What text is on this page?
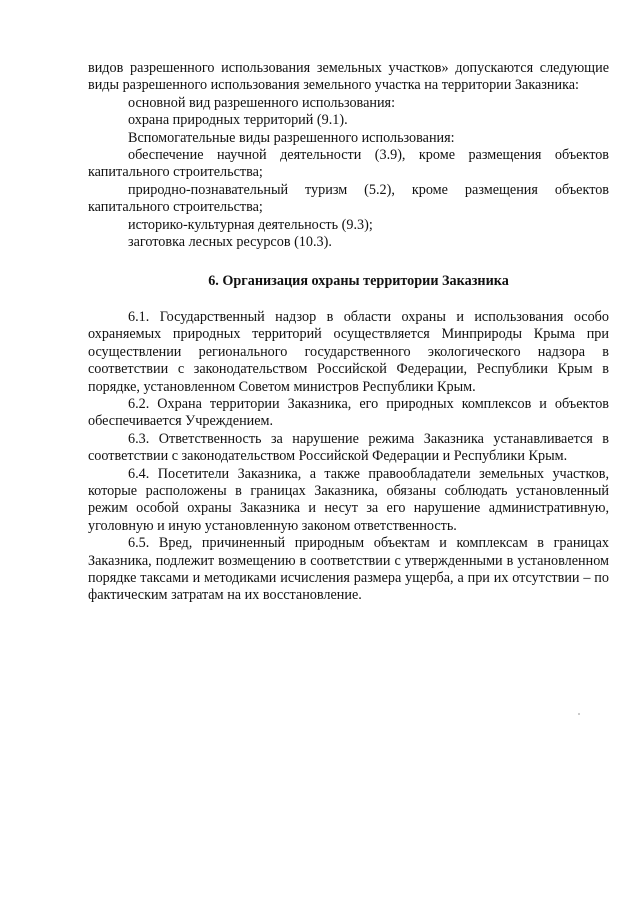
видов разрешенного использования земельных участков» допускаются следующие виды разрешенного использования земельного участка на территории Заказника:

основной вид разрешенного использования:

охрана природных территорий (9.1).

Вспомогательные виды разрешенного использования:

обеспечение научной деятельности (3.9), кроме размещения объектов капитального строительства;

природно-познавательный туризм (5.2), кроме размещения объектов капитального строительства;

историко-культурная деятельность (9.3);

заготовка лесных ресурсов (10.3).

6. Организация охраны территории Заказника

6.1. Государственный надзор в области охраны и использования особо охраняемых природных территорий осуществляется Минприроды Крыма при осуществлении регионального государственного экологического надзора в соответствии с законодательством Российской Федерации, Республики Крым в порядке, установленном Советом министров Республики Крым.

6.2. Охрана территории Заказника, его природных комплексов и объектов обеспечивается Учреждением.

6.3. Ответственность за нарушение режима Заказника устанавливается в соответствии с законодательством Российской Федерации и Республики Крым.

6.4. Посетители Заказника, а также правообладатели земельных участков, которые расположены в границах Заказника, обязаны соблюдать установленный режим особой охраны Заказника и несут за его нарушение административную, уголовную и иную установленную законом ответственность.

6.5. Вред, причиненный природным объектам и комплексам в границах Заказника, подлежит возмещению в соответствии с утвержденными в установленном порядке таксами и методиками исчисления размера ущерба, а при их отсутствии – по фактическим затратам на их восстановление.
